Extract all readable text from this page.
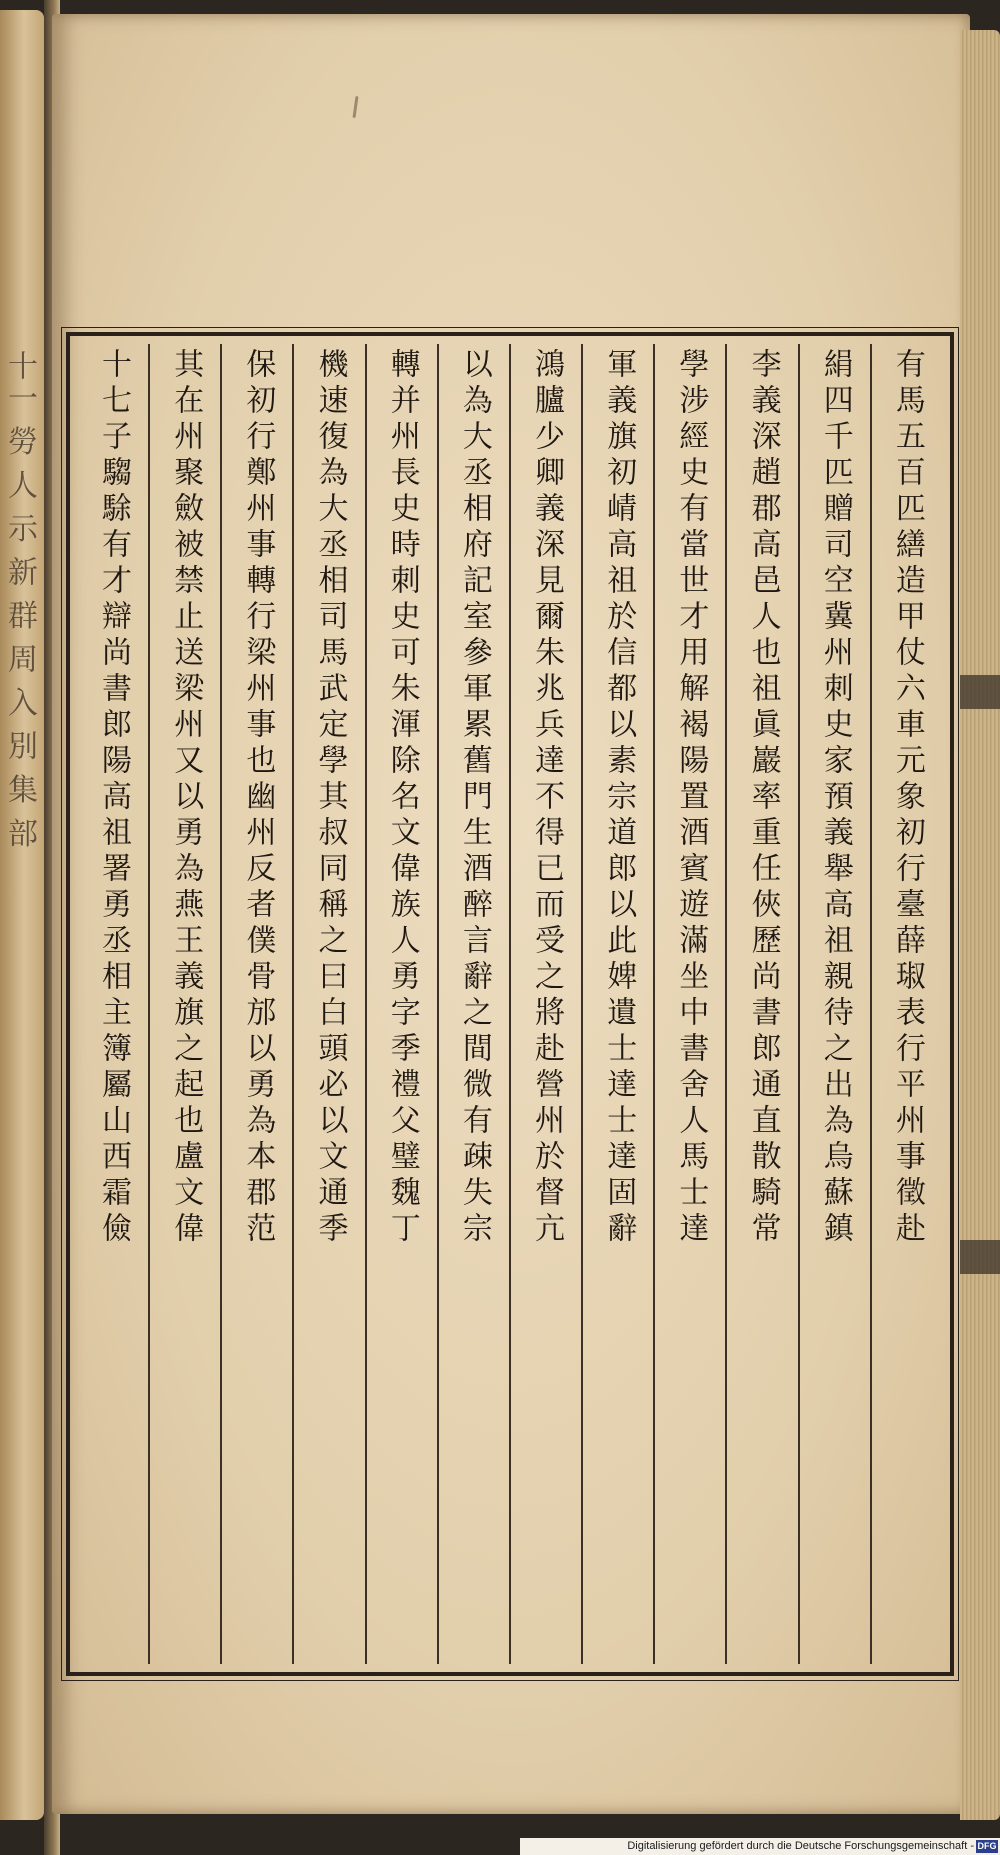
十一 勞 人 示 新 群 周 入 別 集 部	有馬五百匹繕造甲仗六車元象初行臺薛琡表行平州事徵赴
絹四千匹贈司空冀州刺史家預義舉高祖親待之出為烏蘇鎮
李義深趙郡高邑人也祖眞巖率重任俠歷尚書郎通直散騎常
學涉經史有當世才用解褐陽置酒賓遊滿坐中書舍人馬士達
軍義旗初崝高祖於信都以素宗道郎以此婢遺士達士達固辭
鴻臚少卿義深見爾朱兆兵達不得已而受之將赴營州於督亢
以為大丞相府記室參軍累舊門生酒醉言辭之間微有疎失宗
轉并州長史時刺史可朱渾除名文偉族人勇字季禮父璧魏丁
機速復為大丞相司馬武定學其叔同稱之曰白頭必以文通季
保初行鄭州事轉行梁州事也幽州反者僕骨邡以勇為本郡范
其在州聚斂被禁止送梁州又以勇為燕王義旗之起也盧文偉
十七子騶駼有才辯尚書郎陽高祖署勇丞相主簿屬山西霜儉
Digitalisierung gefördert durch die Deutsche Forschungsgemeinschaft - DFG
